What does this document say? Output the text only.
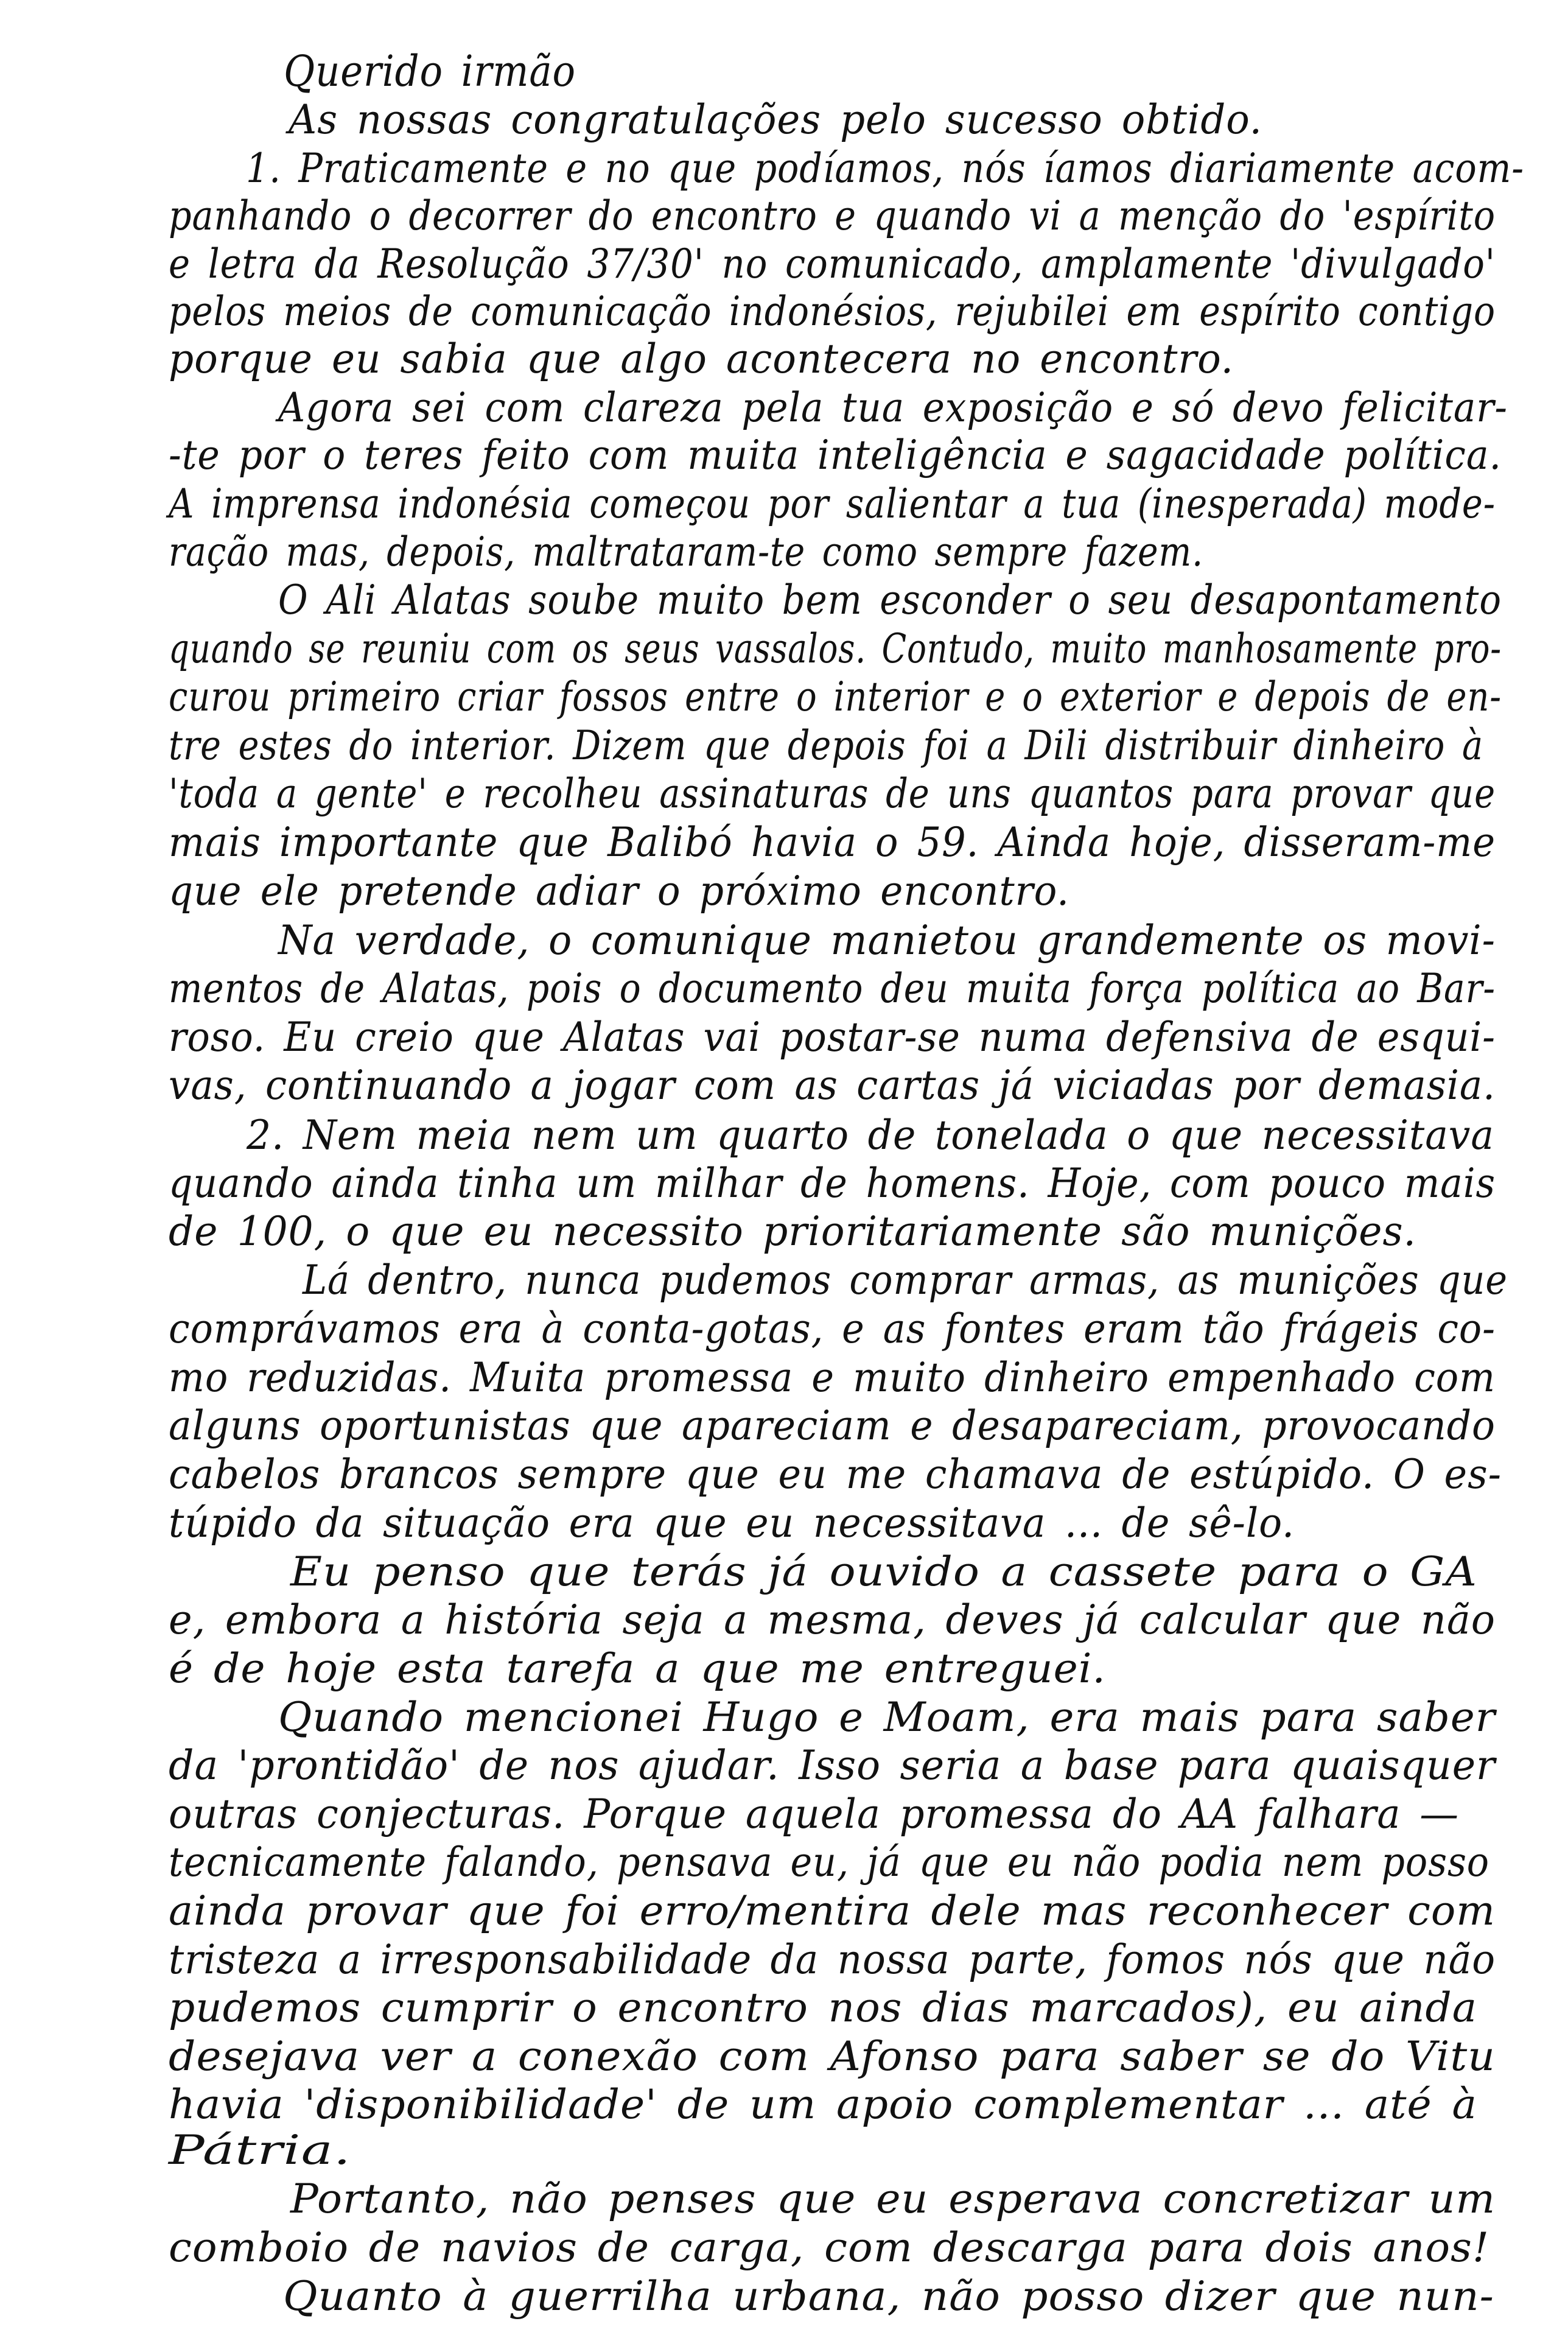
Querido irmão

As nossas congratulações pelo sucesso obtido.

1. Praticamente e no que podíamos, nós íamos diariamente acom-

panhando o decorrer do encontro e quando vi a menção do 'espírito

e letra da Resolução 37/30' no comunicado, amplamente 'divulgado'

pelos meios de comunicação indonésios, rejubilei em espírito contigo

porque eu sabia que algo acontecera no encontro.

Agora sei com clareza pela tua exposição e só devo felicitar-

-te por o teres feito com muita inteligência e sagacidade política.

A imprensa indonésia começou por salientar a tua (inesperada) mode-

ração mas, depois, maltrataram-te como sempre fazem.

O Ali Alatas soube muito bem esconder o seu desapontamento

quando se reuniu com os seus vassalos. Contudo, muito manhosamente pro-

curou primeiro criar fossos entre o interior e o exterior e depois de en-

tre estes do interior. Dizem que depois foi a Dili distribuir dinheiro à

'toda a gente' e recolheu assinaturas de uns quantos para provar que

mais importante que Balibó havia o 59. Ainda hoje, disseram-me

que ele pretende adiar o próximo encontro.

Na verdade, o comunique manietou grandemente os movi-

mentos de Alatas, pois o documento deu muita força política ao Bar-

roso. Eu creio que Alatas vai postar-se numa defensiva de esqui-

vas, continuando a jogar com as cartas já viciadas por demasia.

2. Nem meia nem um quarto de tonelada o que necessitava

quando ainda tinha um milhar de homens. Hoje, com pouco mais

de 100, o que eu necessito prioritariamente são munições.

Lá dentro, nunca pudemos comprar armas, as munições que

comprávamos era à conta-gotas, e as fontes eram tão frágeis co-

mo reduzidas. Muita promessa e muito dinheiro empenhado com

alguns oportunistas que apareciam e desapareciam, provocando

cabelos brancos sempre que eu me chamava de estúpido. O es-

túpido da situação era que eu necessitava ... de sê-lo.

Eu penso que terás já ouvido a cassete para o GA

e, embora a história seja a mesma, deves já calcular que não

é de hoje esta tarefa a que me entreguei.

Quando mencionei Hugo e Moam, era mais para saber

da 'prontidão' de nos ajudar. Isso seria a base para quaisquer

outras conjecturas. Porque aquela promessa do AA falhara —

tecnicamente falando, pensava eu, já que eu não podia nem posso

ainda provar que foi erro/mentira dele mas reconhecer com

tristeza a irresponsabilidade da nossa parte, fomos nós que não

pudemos cumprir o encontro nos dias marcados), eu ainda

desejava ver a conexão com Afonso para saber se do Vitu

havia 'disponibilidade' de um apoio complementar ... até à

Pátria.

Portanto, não penses que eu esperava concretizar um

comboio de navios de carga, com descarga para dois anos!

Quanto à guerrilha urbana, não posso dizer que nun-
